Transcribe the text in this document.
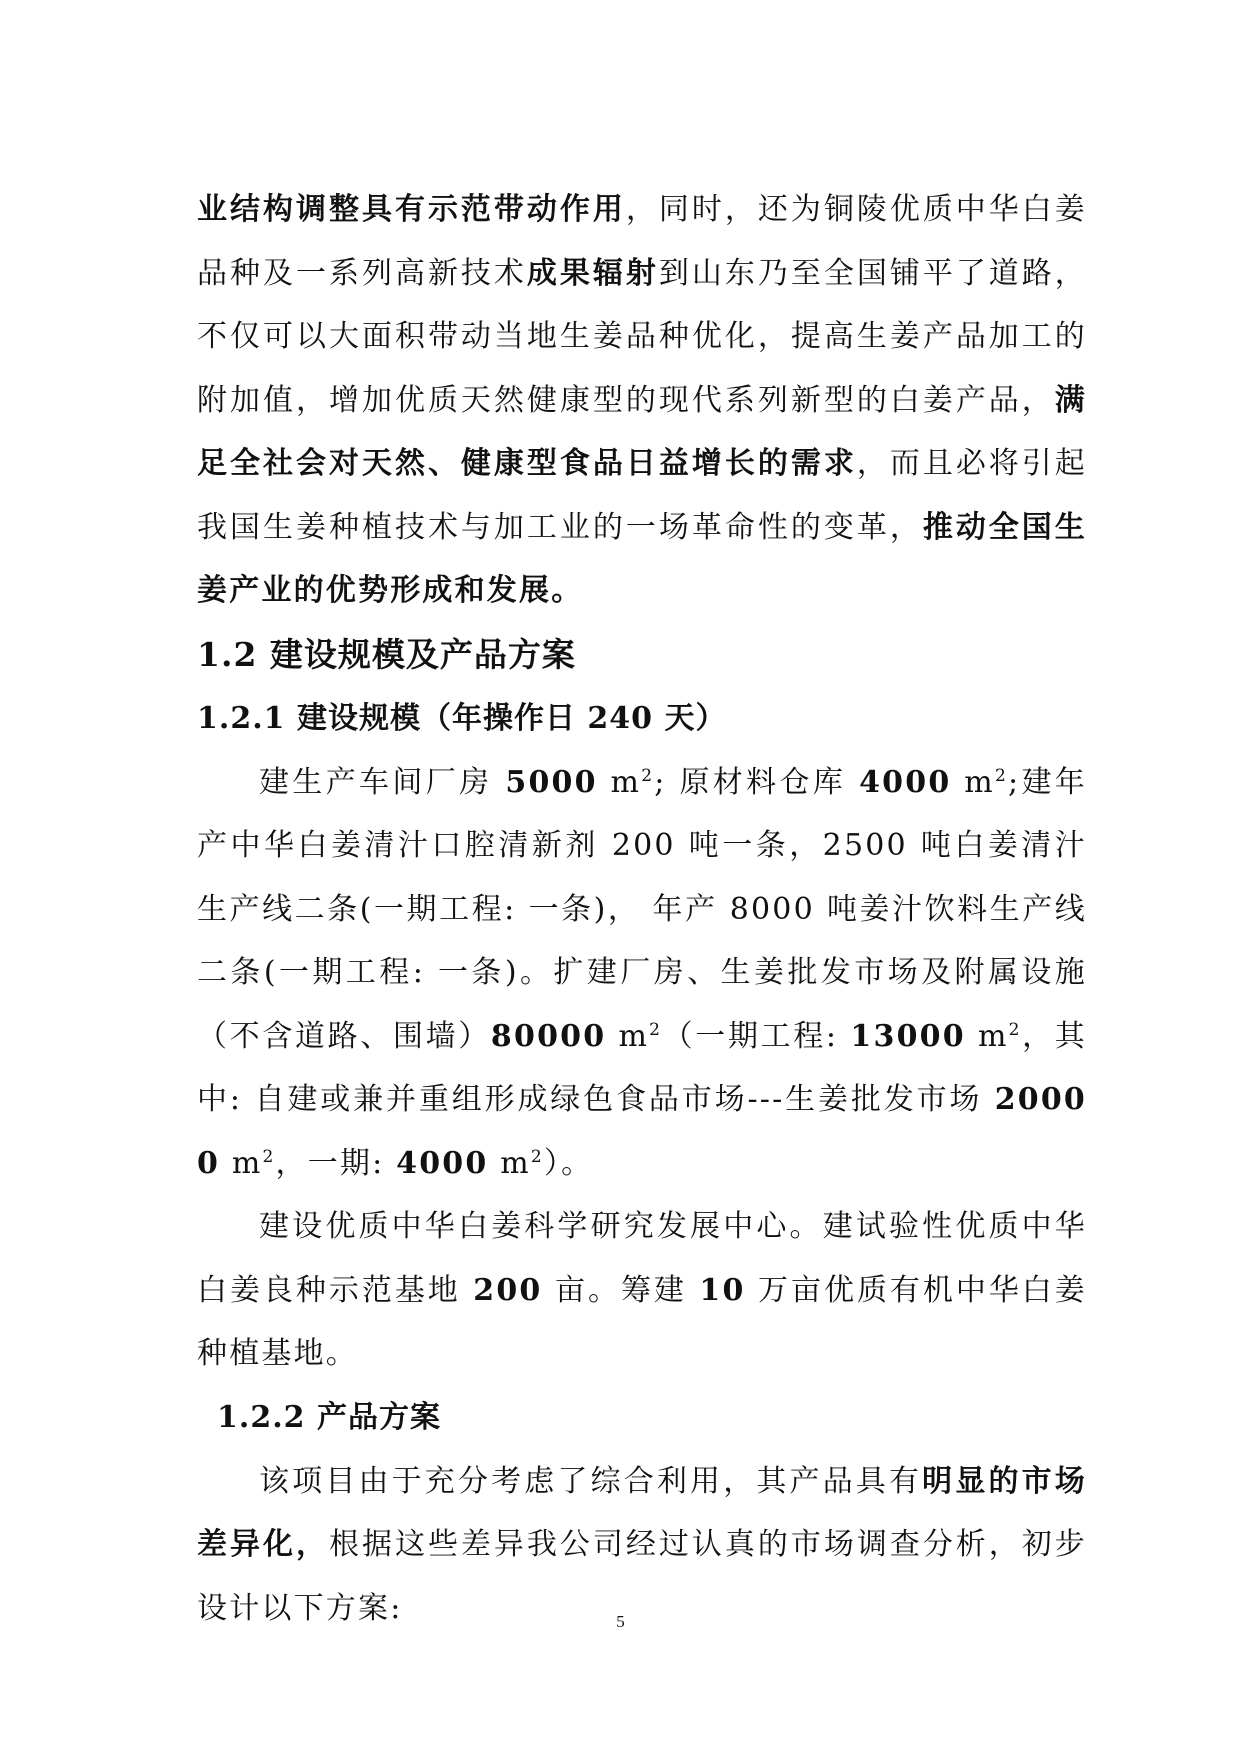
业结构调整具有示范带动作用，同时，还为铜陵优质中华白姜品种及一系列高新技术成果辐射到山东乃至全国铺平了道路，不仅可以大面积带动当地生姜品种优化，提高生姜产品加工的附加值，增加优质天然健康型的现代系列新型的白姜产品，满足全社会对天然、健康型食品日益增长的需求，而且必将引起我国生姜种植技术与加工业的一场革命性的变革，推动全国生姜产业的优势形成和发展。

1.2 建设规模及产品方案
1.2.1 建设规模（年操作日 240 天）

建生产车间厂房 5000 $m^2$; 原材料仓库 4000 $m^2$;建年产中华白姜清汁口腔清新剂 200 吨一条，2500 吨白姜清汁生产线二条(一期工程: 一条)， 年产 8000 吨姜汁饮料生产线二条(一期工程: 一条)。扩建厂房、生姜批发市场及附属设施（不含道路、围墙）80000 $m^2$（一期工程: 13000 $m^2$，其中: 自建或兼并重组形成绿色食品市场---生姜批发市场 20000 $m^2$，一期: 4000 $m^2$）。

建设优质中华白姜科学研究发展中心。建试验性优质中华白姜良种示范基地 200 亩。筹建 10 万亩优质有机中华白姜种植基地。

1.2.2 产品方案

该项目由于充分考虑了综合利用，其产品具有明显的市场差异化，根据这些差异我公司经过认真的市场调查分析，初步设计以下方案:	5
